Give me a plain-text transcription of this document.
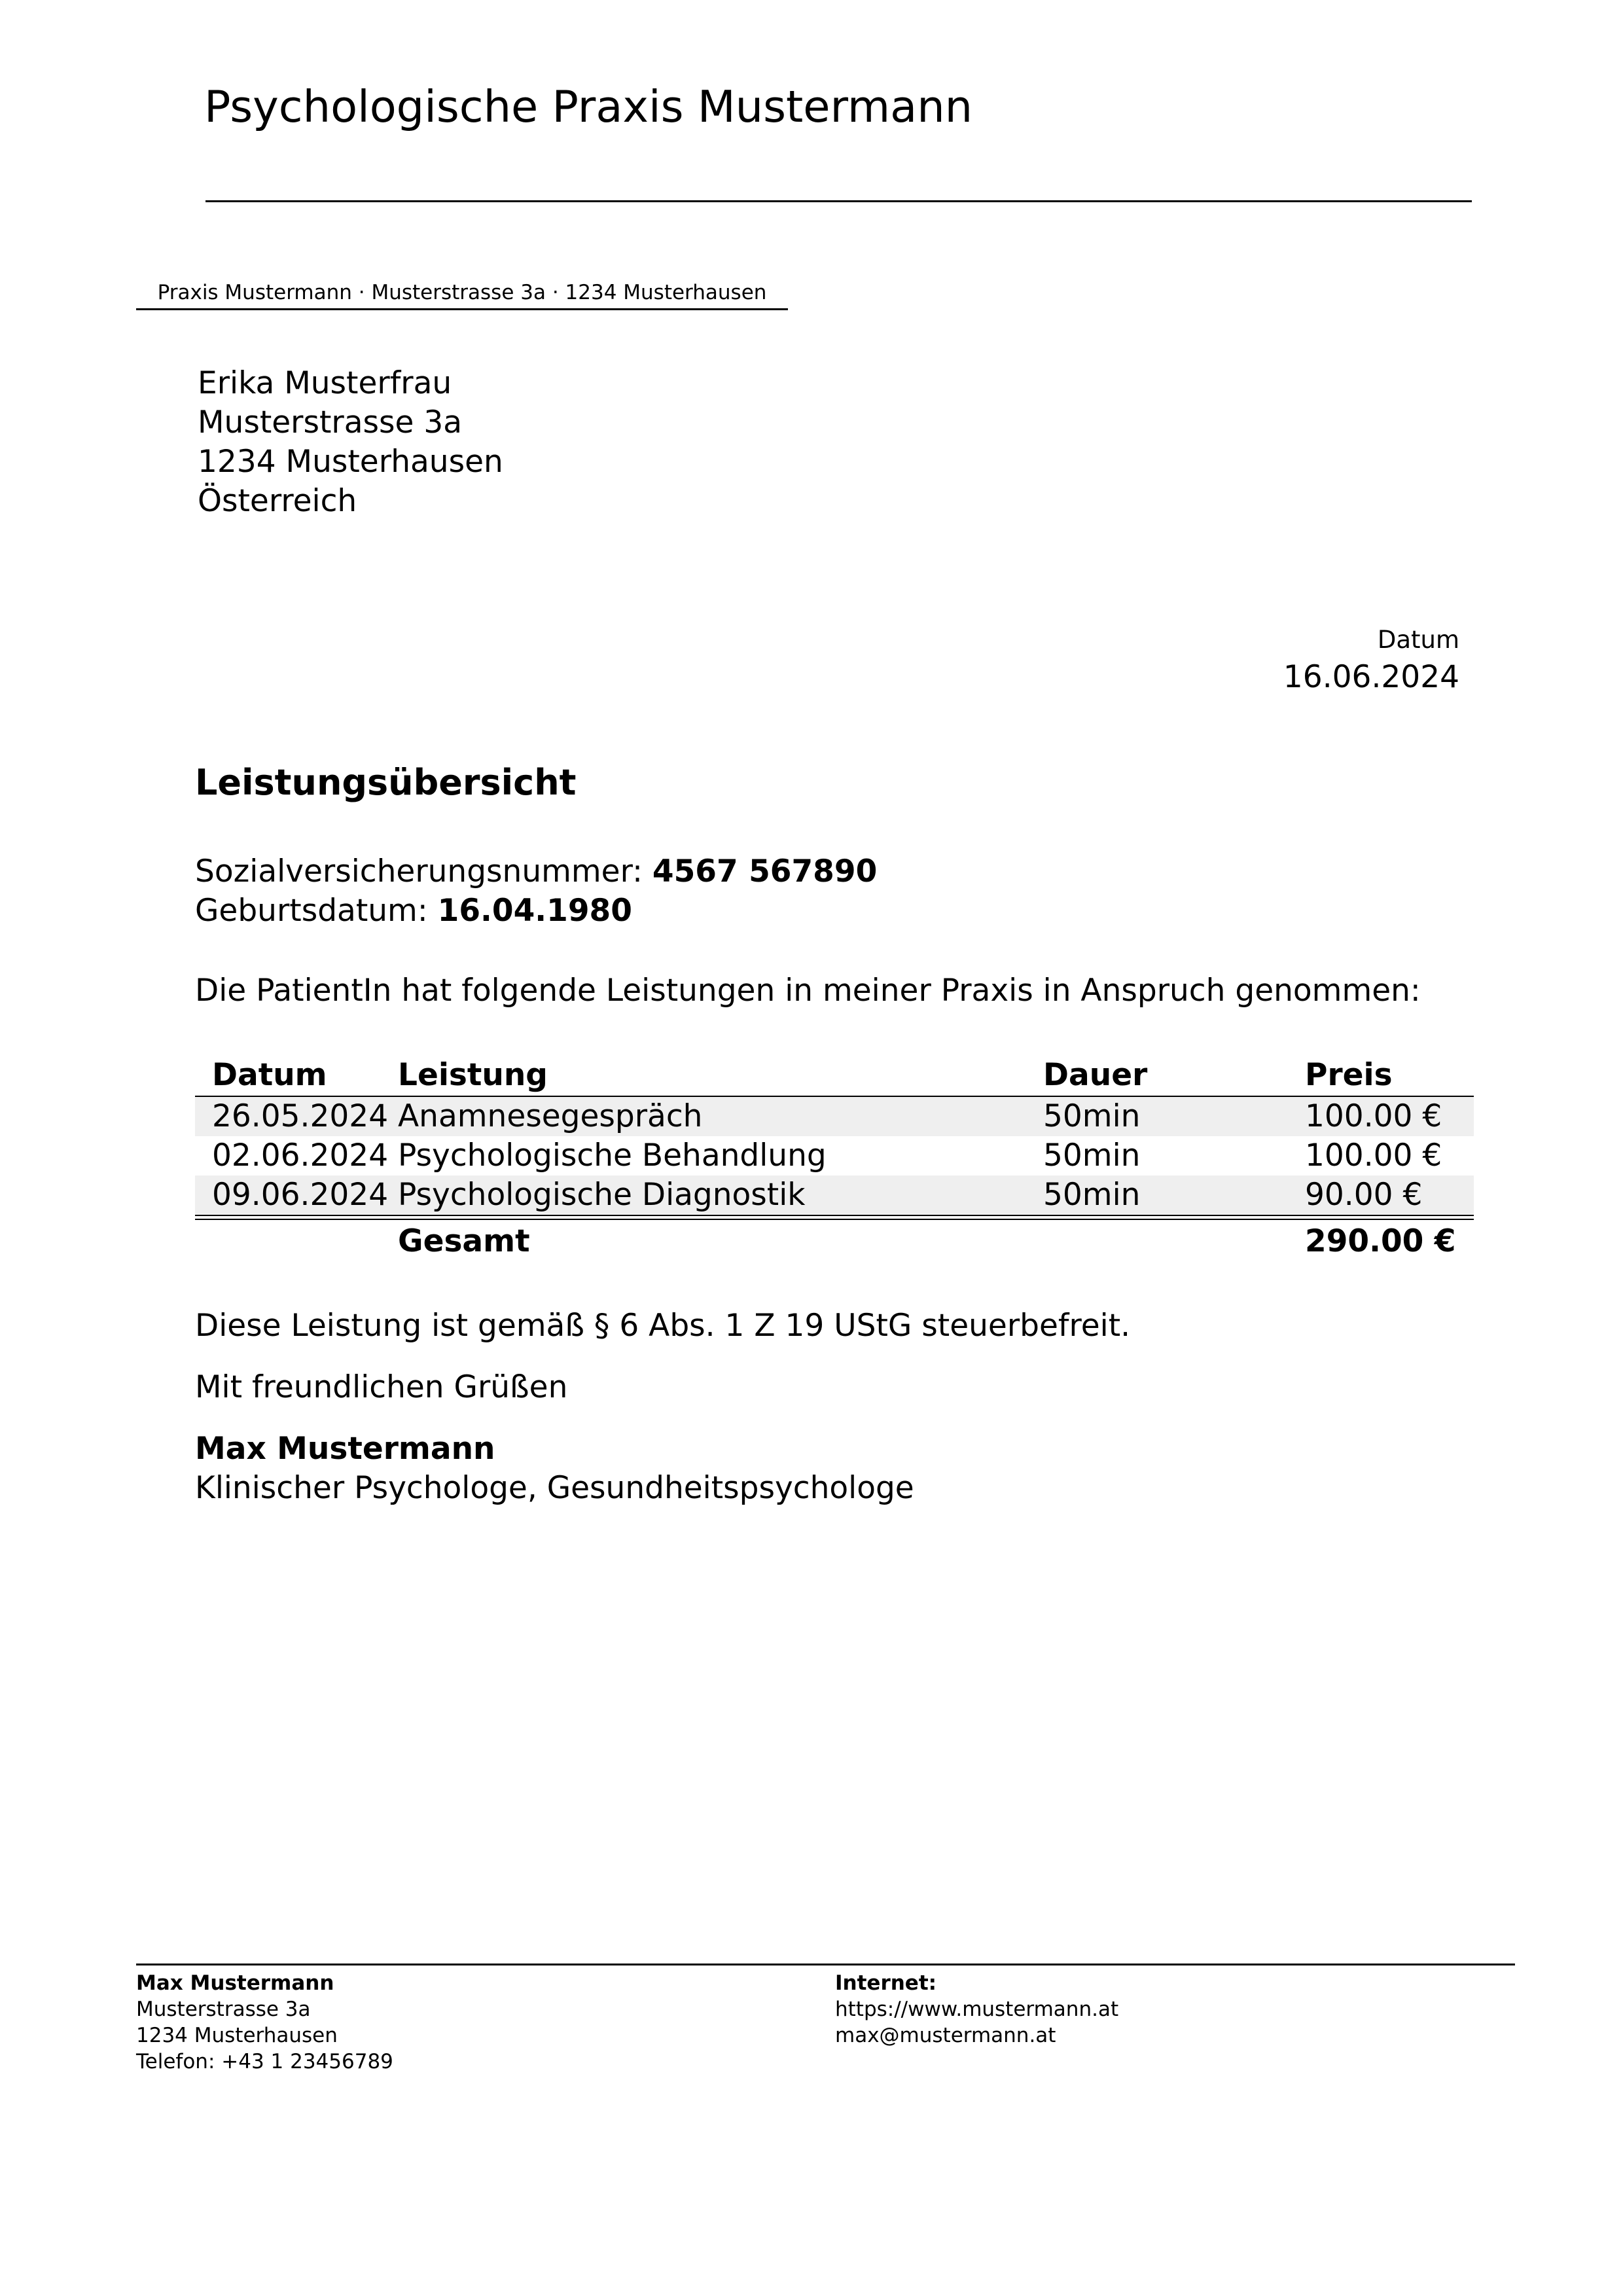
Psychologische Praxis Mustermann
Praxis Mustermann · Musterstrasse 3a · 1234 Musterhausen
Erika Musterfrau
Musterstrasse 3a
1234 Musterhausen
Österreich
Datum
16.06.2024
Leistungsübersicht
Sozialversicherungsnummer: 4567 567890
Geburtsdatum: 16.04.1980
Die PatientIn hat folgende Leistungen in meiner Praxis in Anspruch genommen:
Datum Leistung	Dauer	Preis
26.05.2024 Anamnesegespräch	50min	100.00 €
02.06.2024 Psychologische Behandlung	50min	100.00 €
09.06.2024 Psychologische Diagnostik	50min	90.00 €
Gesamt	290.00 €
Diese Leistung ist gemäß § 6 Abs. 1 Z 19 UStG steuerbefreit.
Mit freundlichen Grüßen
Max Mustermann
Klinischer Psychologe, Gesundheitspsychologe
Max Mustermann
Musterstrasse 3a
1234 Musterhausen
Telefon: +43 1 23456789
Internet:
https://www.mustermann.at
max@mustermann.at
